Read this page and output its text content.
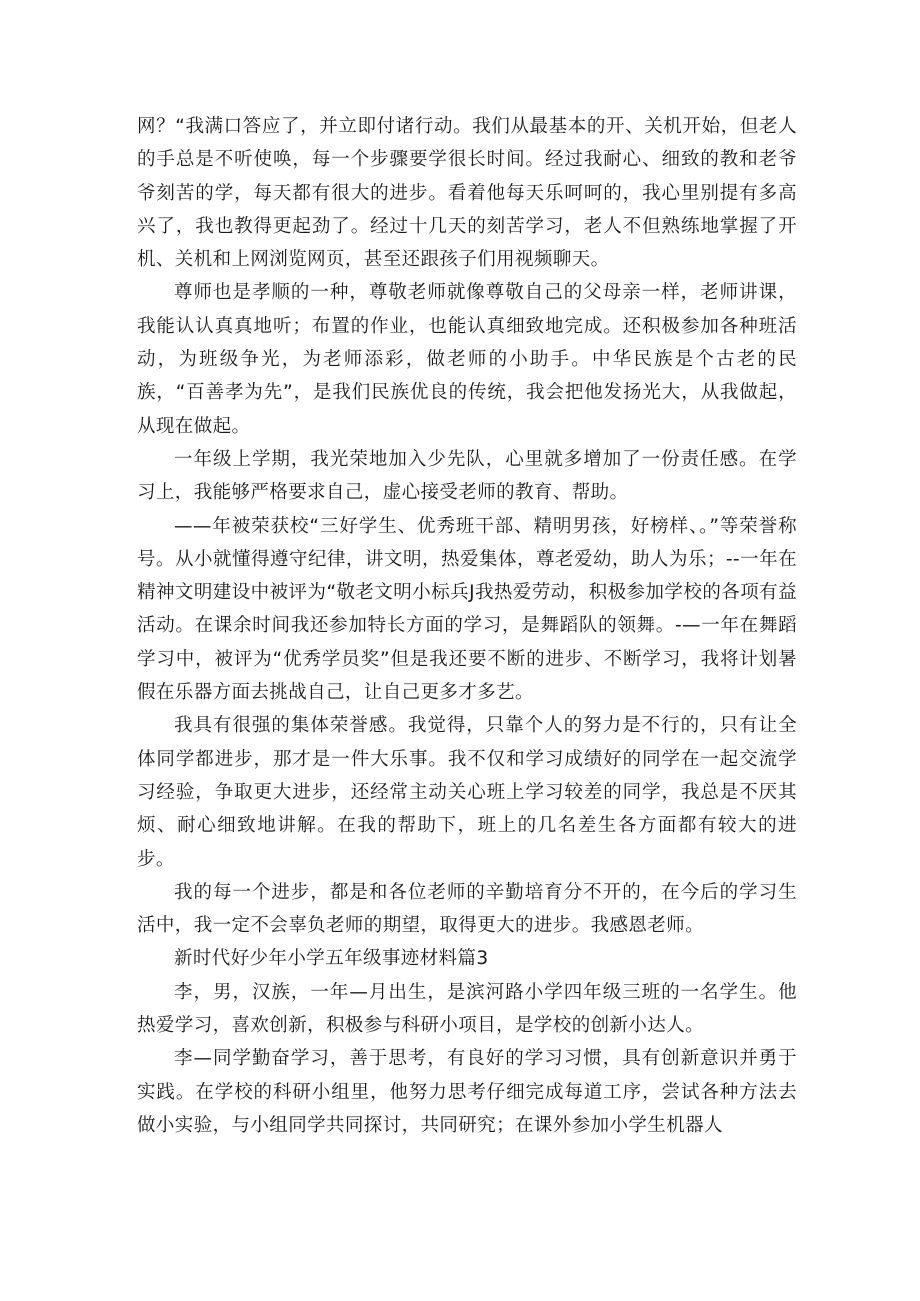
网？“我满口答应了，并立即付诸行动。我们从最基本的开、关机开始，但老人的手总是不听使唤，每一个步骤要学很长时间。经过我耐心、细致的教和老爷爷刻苦的学，每天都有很大的进步。看着他每天乐呵呵的，我心里别提有多高兴了，我也教得更起劲了。经过十几天的刻苦学习，老人不但熟练地掌握了开机、关机和上网浏览网页，甚至还跟孩子们用视频聊天。

尊师也是孝顺的一种，尊敬老师就像尊敬自己的父母亲一样，老师讲课，我能认认真真地听；布置的作业，也能认真细致地完成。还积极参加各种班活动，为班级争光，为老师添彩，做老师的小助手。中华民族是个古老的民族，“百善孝为先”，是我们民族优良的传统，我会把他发扬光大，从我做起，从现在做起。

一年级上学期，我光荣地加入少先队，心里就多增加了一份责任感。在学习上，我能够严格要求自己，虚心接受老师的教育、帮助。

——年被荣获校“三好学生、优秀班干部、精明男孩，好榜样、。”等荣誉称号。从小就懂得遵守纪律，讲文明，热爱集体，尊老爱幼，助人为乐；--一年在精神文明建设中被评为“敬老文明小标兵J我热爱劳动，积极参加学校的各项有益活动。在课余时间我还参加特长方面的学习，是舞蹈队的领舞。-—一年在舞蹈学习中，被评为“优秀学员奖”但是我还要不断的进步、不断学习，我将计划暑假在乐器方面去挑战自己，让自己更多才多艺。

我具有很强的集体荣誉感。我觉得，只靠个人的努力是不行的，只有让全体同学都进步，那才是一件大乐事。我不仅和学习成绩好的同学在一起交流学习经验，争取更大进步，还经常主动关心班上学习较差的同学，我总是不厌其烦、耐心细致地讲解。在我的帮助下，班上的几名差生各方面都有较大的进步。

我的每一个进步，都是和各位老师的辛勤培育分不开的，在今后的学习生活中，我一定不会辜负老师的期望，取得更大的进步。我感恩老师。

新时代好少年小学五年级事迹材料篇3

李，男，汉族，一年—月出生，是滨河路小学四年级三班的一名学生。他热爱学习，喜欢创新，积极参与科研小项目，是学校的创新小达人。

李—同学勤奋学习，善于思考，有良好的学习习惯，具有创新意识并勇于实践。在学校的科研小组里，他努力思考仔细完成每道工序，尝试各种方法去做小实验，与小组同学共同探讨，共同研究；在课外参加小学生机器人
